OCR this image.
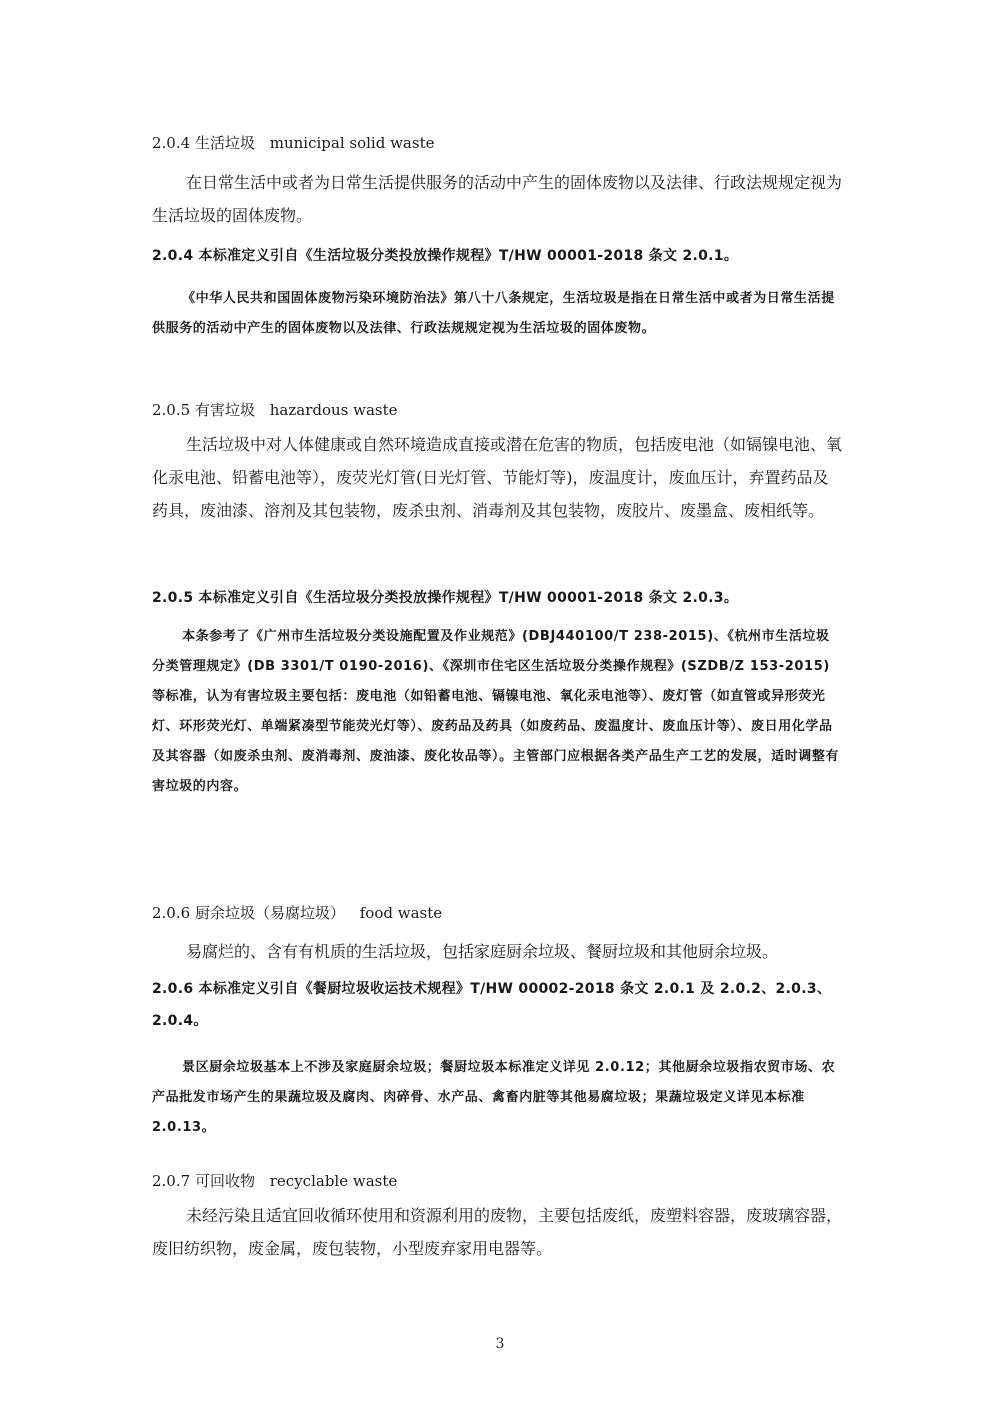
2.0.4 生活垃圾 municipal solid waste
在日常生活中或者为日常生活提供服务的活动中产生的固体废物以及法律、行政法规规定视为生活垃圾的固体废物。
2.0.4 本标准定义引自《生活垃圾分类投放操作规程》T/HW 00001-2018 条文 2.0.1。
《中华人民共和国固体废物污染环境防治法》第八十八条规定，生活垃圾是指在日常生活中或者为日常生活提供服务的活动中产生的固体废物以及法律、行政法规规定视为生活垃圾的固体废物。
2.0.5 有害垃圾 hazardous waste
生活垃圾中对人体健康或自然环境造成直接或潜在危害的物质，包括废电池（如镉镍电池、氧化汞电池、铅蓄电池等），废荧光灯管(日光灯管、节能灯等)，废温度计，废血压计，弃置药品及药具，废油漆、溶剂及其包装物，废杀虫剂、消毒剂及其包装物，废胶片、废墨盒、废相纸等。
2.0.5 本标准定义引自《生活垃圾分类投放操作规程》T/HW 00001-2018 条文 2.0.3。
本条参考了《广州市生活垃圾分类设施配置及作业规范》(DBJ440100/T 238-2015)、《杭州市生活垃圾分类管理规定》(DB 3301/T 0190-2016)、《深圳市住宅区生活垃圾分类操作规程》(SZDB/Z 153-2015) 等标准，认为有害垃圾主要包括：废电池（如铅蓄电池、镉镍电池、氧化汞电池等）、废灯管（如直管或异形荧光灯、环形荧光灯、单端紧凑型节能荧光灯等）、废药品及药具（如废药品、废温度计、废血压计等）、废日用化学品及其容器（如废杀虫剂、废消毒剂、废油漆、废化妆品等）。主管部门应根据各类产品生产工艺的发展，适时调整有害垃圾的内容。
2.0.6 厨余垃圾（易腐垃圾） food waste
易腐烂的、含有有机质的生活垃圾，包括家庭厨余垃圾、餐厨垃圾和其他厨余垃圾。
2.0.6 本标准定义引自《餐厨垃圾收运技术规程》T/HW 00002-2018 条文 2.0.1 及 2.0.2、2.0.3、2.0.4。
景区厨余垃圾基本上不涉及家庭厨余垃圾；餐厨垃圾本标准定义详见 2.0.12；其他厨余垃圾指农贸市场、农产品批发市场产生的果蔬垃圾及腐肉、肉碎骨、水产品、禽畜内脏等其他易腐垃圾；果蔬垃圾定义详见本标准 2.0.13。
2.0.7 可回收物 recyclable waste
未经污染且适宜回收循环使用和资源利用的废物，主要包括废纸，废塑料容器，废玻璃容器，废旧纺织物，废金属，废包装物，小型废弃家用电器等。
3
